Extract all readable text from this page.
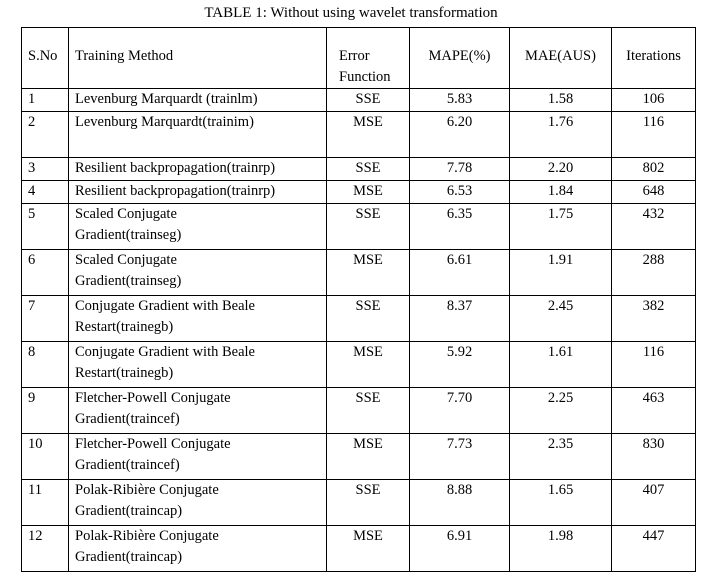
TABLE 1: Without using wavelet transformation
S.No	Training Method	Error
Function	MAPE(%)	MAE(AUS)	Iterations
1	Levenburg Marquardt (trainlm)	SSE	5.83	1.58	106
2	Levenburg Marquardt(trainim)	MSE	6.20	1.76	116
3	Resilient backpropagation(trainrp)	SSE	7.78	2.20	802
4	Resilient backpropagation(trainrp)	MSE	6.53	1.84	648
5	Scaled Conjugate
Gradient(trainseg)	SSE	6.35	1.75	432
6	Scaled Conjugate
Gradient(trainseg)	MSE	6.61	1.91	288
7	Conjugate Gradient with Beale
Restart(trainegb)	SSE	8.37	2.45	382
8	Conjugate Gradient with Beale
Restart(trainegb)	MSE	5.92	1.61	116
9	Fletcher-Powell Conjugate
Gradient(traincef)	SSE	7.70	2.25	463
10	Fletcher-Powell Conjugate
Gradient(traincef)	MSE	7.73	2.35	830
11	Polak-Ribière Conjugate
Gradient(traincap)	SSE	8.88	1.65	407
12	Polak-Ribière Conjugate
Gradient(traincap)	MSE	6.91	1.98	447
